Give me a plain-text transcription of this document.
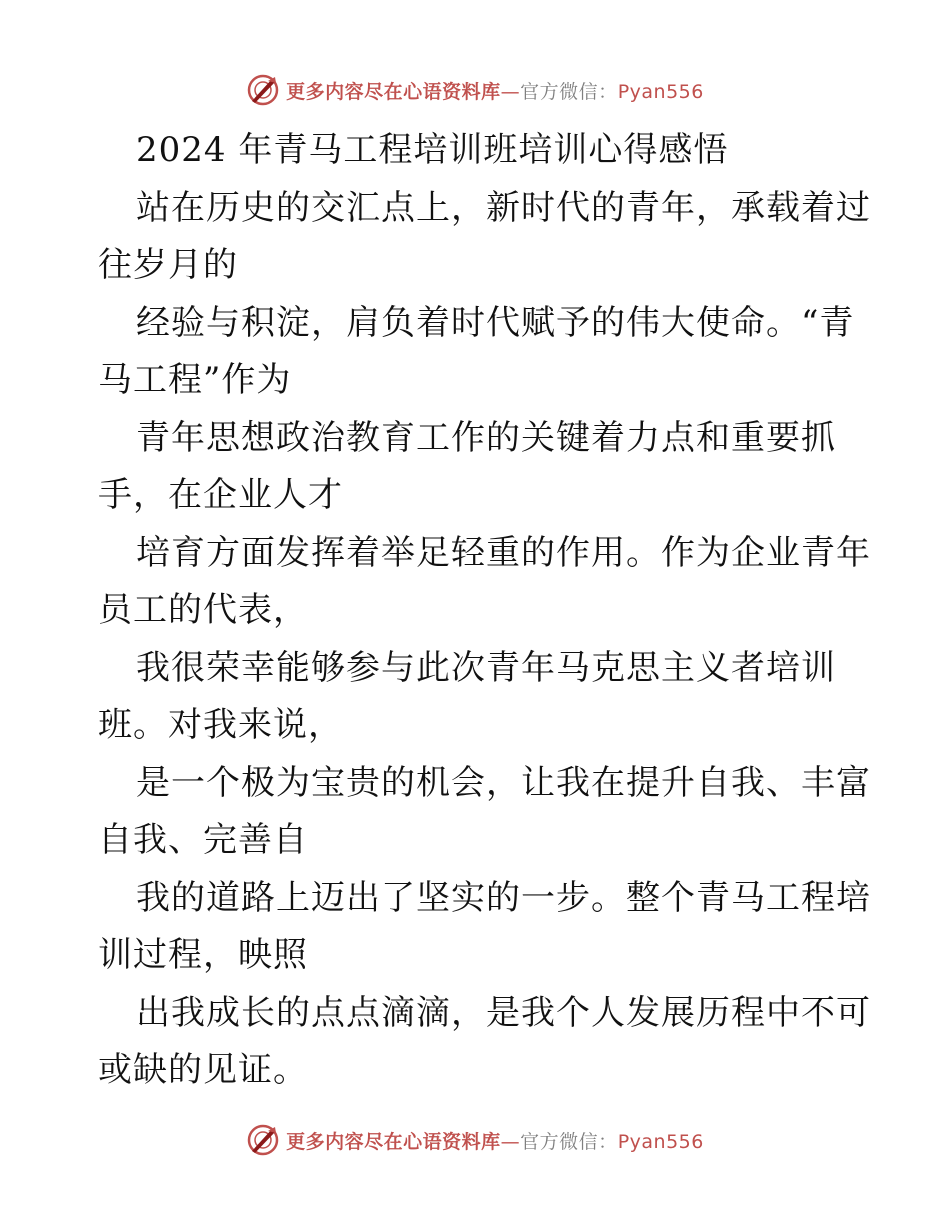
更多内容尽在心语资料库—官方微信：Pyan556
2024 年青马工程培训班培训心得感悟
站在历史的交汇点上，新时代的青年，承载着过
往岁月的
经验与积淀，肩负着时代赋予的伟大使命。“青
马工程”作为
青年思想政治教育工作的关键着力点和重要抓
手，在企业人才
培育方面发挥着举足轻重的作用。作为企业青年
员工的代表，
我很荣幸能够参与此次青年马克思主义者培训
班。对我来说，
是一个极为宝贵的机会，让我在提升自我、丰富
自我、完善自
我的道路上迈出了坚实的一步。整个青马工程培
训过程，映照
出我成长的点点滴滴，是我个人发展历程中不可
或缺的见证。
更多内容尽在心语资料库—官方微信：Pyan556
